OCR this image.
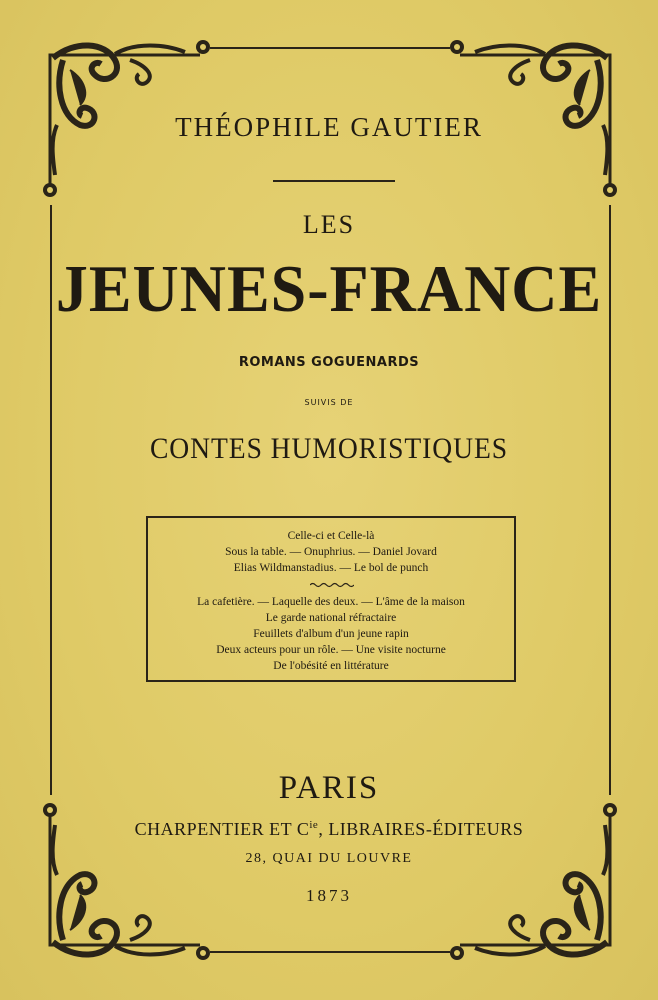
THÉOPHILE GAUTIER
LES
JEUNES-FRANCE
ROMANS GOGUENARDS
SUIVIS DE
CONTES HUMORISTIQUES
Celle-ci et Celle-là
Sous la table. — Onuphrius. — Daniel Jovard
Elias Wildmanstadius. — Le bol de punch
La cafetière. — Laquelle des deux. — L'âme de la maison
Le garde national réfractaire
Feuillets d'album d'un jeune rapin
Deux acteurs pour un rôle. — Une visite nocturne
De l'obésité en littérature
PARIS
CHARPENTIER ET $C^{ie}$, LIBRAIRES-ÉDITEURS
28, QUAI DU LOUVRE
1873
